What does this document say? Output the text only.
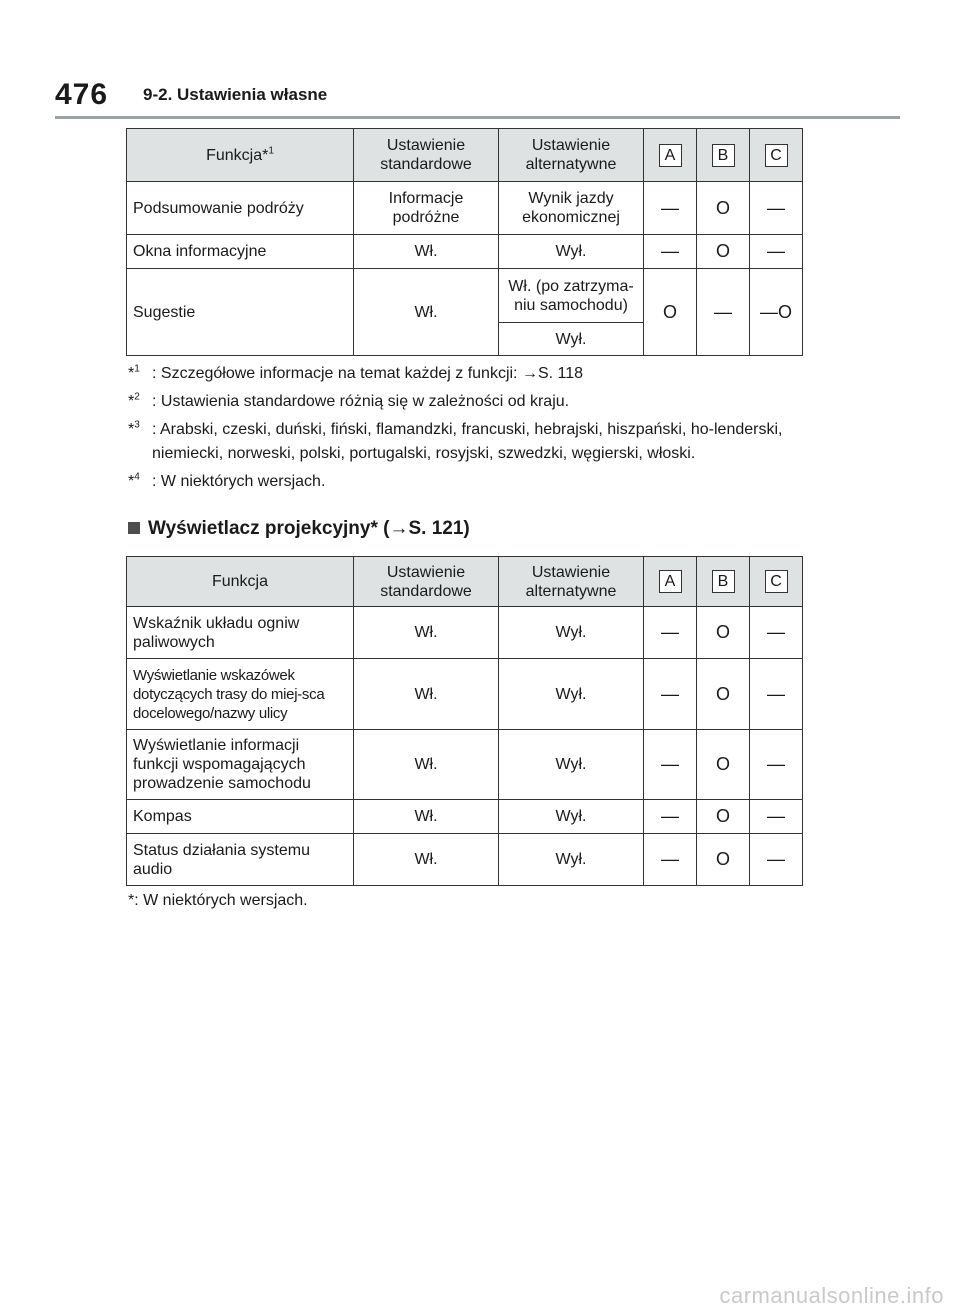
476 9-2. Ustawienia własne
Funkcja*$^1$	Ustawienie standardowe	Ustawienie alternatywne	A	B	C
Podsumowanie podróży	Informacje podróżne	Wynik jazdy ekonomicznej	—	O	—
Okna informacyjne	Wł.	Wył.	—	O	—
Sugestie	Wł.	Wł. (po zatrzyma-niu samochodu)	O	—	—O
		Wył.			
*$^1$ : Szczegółowe informacje na temat każdej z funkcji: →S. 118
*$^2$ : Ustawienia standardowe różnią się w zależności od kraju.
*$^3$ : Arabski, czeski, duński, fiński, flamandzki, francuski, hebrajski, hiszpański, ho-lenderski, niemiecki, norweski, polski, portugalski, rosyjski, szwedzki, węgierski, włoski.
*$^4$ : W niektórych wersjach.
Wyświetlacz projekcyjny* (→S. 121)
Funkcja	Ustawienie standardowe	Ustawienie alternatywne	A	B	C
Wskaźnik układu ogniw paliwowych	Wł.	Wył.	—	O	—
Wyświetlanie wskazówek dotyczących trasy do miej-sca docelowego/nazwy ulicy	Wł.	Wył.	—	O	—
Wyświetlanie informacji funkcji wspomagających prowadzenie samochodu	Wł.	Wył.	—	O	—
Kompas	Wł.	Wył.	—	O	—
Status działania systemu audio	Wł.	Wył.	—	O	—
*: W niektórych wersjach.
carmanualsonline.info
